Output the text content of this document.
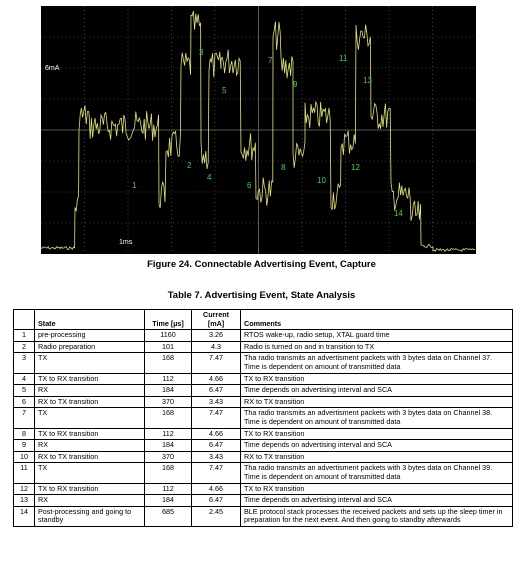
6mA
1ms
1
2
3
4
5
6
7
8
9
10
11
12
13
14
Figure 24. Connectable Advertising Event, Capture
Table 7. Advertising Event, State Analysis
	State	Time [µs]	Current [mA]	Comments
1	pre-processing	1160	3.26	RTOS wake-up, radio setup, XTAL guard time
2	Radio preparation	101	4.3	Radio is turned on and in transition to TX
3	TX	168	7.47	Tha radio transmits an advertisment packets with 3 bytes data on Channel 37. Time is dependent on amount of transmitted data
4	TX to RX transition	112	4.66	TX to RX transition
5	RX	184	6.47	Time depends on advertising interval and SCA
6	RX to TX transition	370	3.43	RX to TX transition
7	TX	168	7.47	Tha radio transmits an advertisment packets with 3 bytes data on Channel 38. Time is dependent on amount of transmitted data
8	TX to RX transition	112	4.66	TX to RX transition
9	RX	184	6.47	Time depends on advertising interval and SCA
10	RX to TX transition	370	3.43	RX to TX transition
11	TX	168	7.47	Tha radio transmits an advertisment packets with 3 bytes data on Channel 39. Time is dependent on amount of transmitted data
12	TX to RX transition	112	4.66	TX to RX transition
13	RX	184	6.47	Time depends on advertising interval and SCA
14	Post-processing and going to standby	685	2.45	BLE protocol stack processes the received packets and sets up the sleep timer in preparation for the next event. And then going to standby afterwards
